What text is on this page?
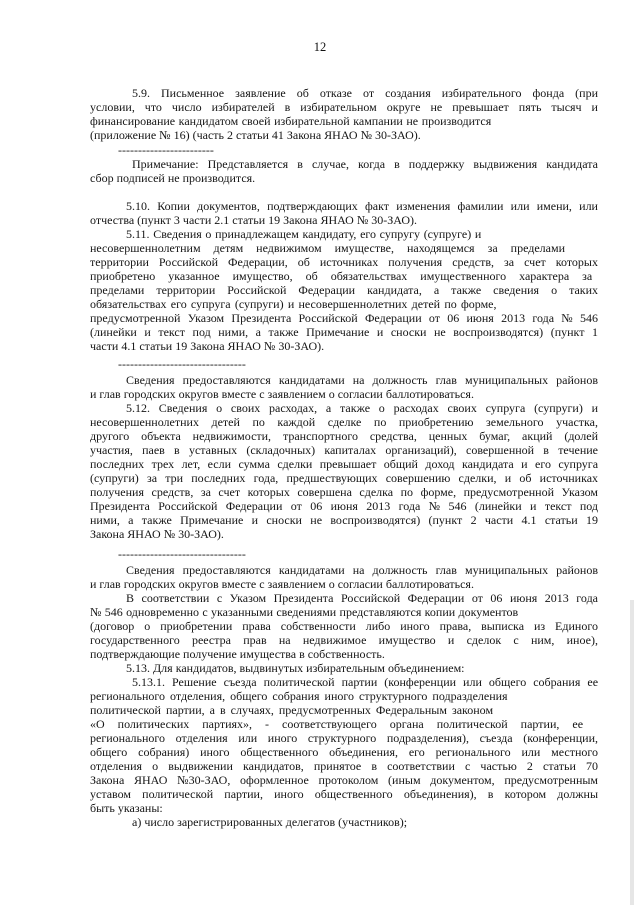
12
5.9. Письменное заявление об отказе от создания избирательного фонда (при
условии, что число избирателей в избирательном округе не превышает пять тысяч и
финансирование кандидатом своей избирательной кампании не производится
(приложение № 16) (часть 2 статьи 41 Закона ЯНАО № 30-ЗАО).
------------------------
Примечание: Представляется в случае, когда в поддержку выдвижения кандидата
сбор подписей не производится.
5.10. Копии документов, подтверждающих факт изменения фамилии или имени, или
отчества (пункт 3 части 2.1 статьи 19 Закона ЯНАО № 30-ЗАО).
5.11. Сведения о принадлежащем кандидату, его супругу (супруге) и
несовершеннолетним детям недвижимом имуществе, находящемся за пределами
территории Российской Федерации, об источниках получения средств, за счет которых
приобретено указанное имущество, об обязательствах имущественного характера за
пределами территории Российской Федерации кандидата, а также сведения о таких
обязательствах его супруга (супруги) и несовершеннолетних детей по форме,
предусмотренной Указом Президента Российской Федерации от 06 июня 2013 года № 546
(линейки и текст под ними, а также Примечание и сноски не воспроизводятся) (пункт 1
части 4.1 статьи 19 Закона ЯНАО № 30-ЗАО).
--------------------------------
Сведения предоставляются кандидатами на должность глав муниципальных районов
и глав городских округов вместе с заявлением о согласии баллотироваться.
5.12. Сведения о своих расходах, а также о расходах своих супруга (супруги) и
несовершеннолетних детей по каждой сделке по приобретению земельного участка,
другого объекта недвижимости, транспортного средства, ценных бумаг, акций (долей
участия, паев в уставных (складочных) капиталах организаций), совершенной в течение
последних трех лет, если сумма сделки превышает общий доход кандидата и его супруга
(супруги) за три последних года, предшествующих совершению сделки, и об источниках
получения средств, за счет которых совершена сделка по форме, предусмотренной Указом
Президента Российской Федерации от 06 июня 2013 года № 546 (линейки и текст под
ними, а также Примечание и сноски не воспроизводятся) (пункт 2 части 4.1 статьи 19
Закона ЯНАО № 30-ЗАО).
--------------------------------
Сведения предоставляются кандидатами на должность глав муниципальных районов
и глав городских округов вместе с заявлением о согласии баллотироваться.
В соответствии с Указом Президента Российской Федерации от 06 июня 2013 года
№ 546 одновременно с указанными сведениями представляются копии документов
(договор о приобретении права собственности либо иного права, выписка из Единого
государственного реестра прав на недвижимое имущество и сделок с ним, иное),
подтверждающие получение имущества в собственность.
5.13. Для кандидатов, выдвинутых избирательным объединением:
5.13.1. Решение съезда политической партии (конференции или общего собрания ее
регионального отделения, общего собрания иного структурного подразделения
политической партии, а в случаях, предусмотренных Федеральным законом
«О политических партиях», - соответствующего органа политической партии, ее
регионального отделения или иного структурного подразделения), съезда (конференции,
общего собрания) иного общественного объединения, его регионального или местного
отделения о выдвижении кандидатов, принятое в соответствии с частью 2 статьи 70
Закона ЯНАО №30-ЗАО, оформленное протоколом (иным документом, предусмотренным
уставом политической партии, иного общественного объединения), в котором должны
быть указаны:
а) число зарегистрированных делегатов (участников);
